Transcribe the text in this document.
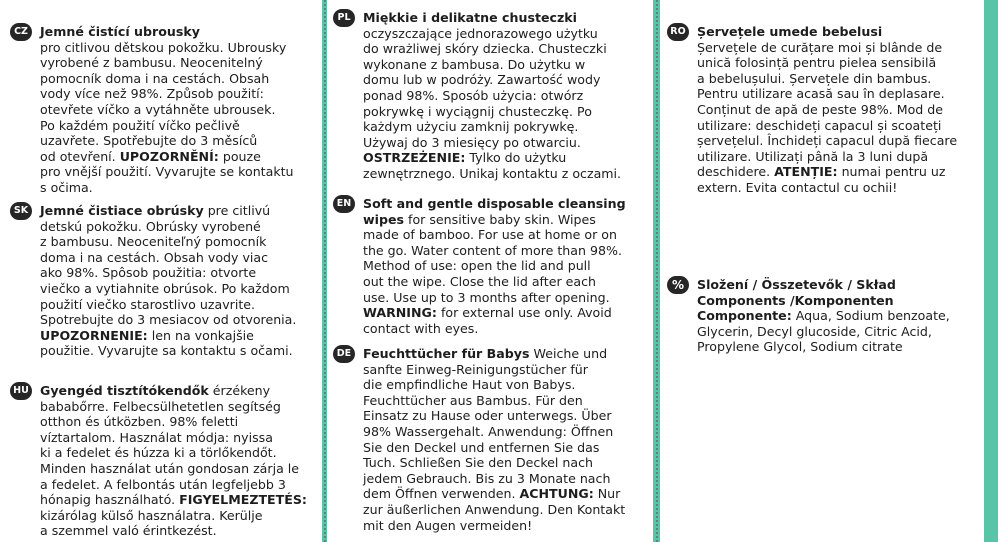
CZ Jemné čistící ubrousky
pro citlivou dětskou pokožku. Ubrousky
vyrobené z bambusu. Neocenitelný
pomocník doma i na cestách. Obsah
vody více než 98%. Způsob použití:
otevřete víčko a vytáhněte ubrousek.
Po každém použití víčko pečlivě
uzavřete. Spotřebujte do 3 měsíců
od otevření. UPOZORNĚNÍ: pouze
pro vnější použití. Vyvarujte se kontaktu
s očima.

SK Jemné čistiace obrúsky pre citlivú
detskú pokožku. Obrúsky vyrobené
z bambusu. Neoceniteľný pomocník
doma i na cestách. Obsah vody viac
ako 98%. Spôsob použitia: otvorte
viečko a vytiahnite obrúsok. Po každom
použití viečko starostlivo uzavrite.
Spotrebujte do 3 mesiacov od otvorenia.
UPOZORNENIE: len na vonkajšie
použitie. Vyvarujte sa kontaktu s očami.

HU Gyengéd tisztítókendők érzékeny
bababőrre. Felbecsülhetetlen segítség
otthon és útközben. 98% feletti
víztartalom. Használat módja: nyissa
ki a fedelet és húzza ki a törlőkendőt.
Minden használat után gondosan zárja le
a fedelet. A felbontás után legfeljebb 3
hónapig használható. FIGYELMEZTETÉS:
kizárólag külső használatra. Kerülje
a szemmel való érintkezést.

PL Miękkie i delikatne chusteczki
oczyszczające jednorazowego użytku
do wrażliwej skóry dziecka. Chusteczki
wykonane z bambusa. Do użytku w
domu lub w podróży. Zawartość wody
ponad 98%. Sposób użycia: otwórz
pokrywkę i wyciągnij chusteczkę. Po
każdym użyciu zamknij pokrywkę.
Używaj do 3 miesięcy po otwarciu.
OSTRZEŻENIE: Tylko do użytku
zewnętrznego. Unikaj kontaktu z oczami.

EN Soft and gentle disposable cleansing
wipes for sensitive baby skin. Wipes
made of bamboo. For use at home or on
the go. Water content of more than 98%.
Method of use: open the lid and pull
out the wipe. Close the lid after each
use. Use up to 3 months after opening.
WARNING: for external use only. Avoid
contact with eyes.

DE Feuchttücher für Babys Weiche und
sanfte Einweg-Reinigungstücher für
die empfindliche Haut von Babys.
Feuchttücher aus Bambus. Für den
Einsatz zu Hause oder unterwegs. Über
98% Wassergehalt. Anwendung: Öffnen
Sie den Deckel und entfernen Sie das
Tuch. Schließen Sie den Deckel nach
jedem Gebrauch. Bis zu 3 Monate nach
dem Öffnen verwenden. ACHTUNG: Nur
zur äußerlichen Anwendung. Den Kontakt
mit den Augen vermeiden!

RO Șervețele umede bebelusi
Șervețele de curățare moi și blânde de
unică folosință pentru pielea sensibilă
a bebelușului. Șervețele din bambus.
Pentru utilizare acasă sau în deplasare.
Conținut de apă de peste 98%. Mod de
utilizare: deschideți capacul și scoateți
șervețelul. Închideți capacul după fiecare
utilizare. Utilizați până la 3 luni după
deschidere. ATENȚIE: numai pentru uz
extern. Evita contactul cu ochii!

%	Složení / Összetevők / Skład
Components /Komponenten
Componente: Aqua, Sodium benzoate,
Glycerin, Decyl glucoside, Citric Acid,
Propylene Glycol, Sodium citrate
